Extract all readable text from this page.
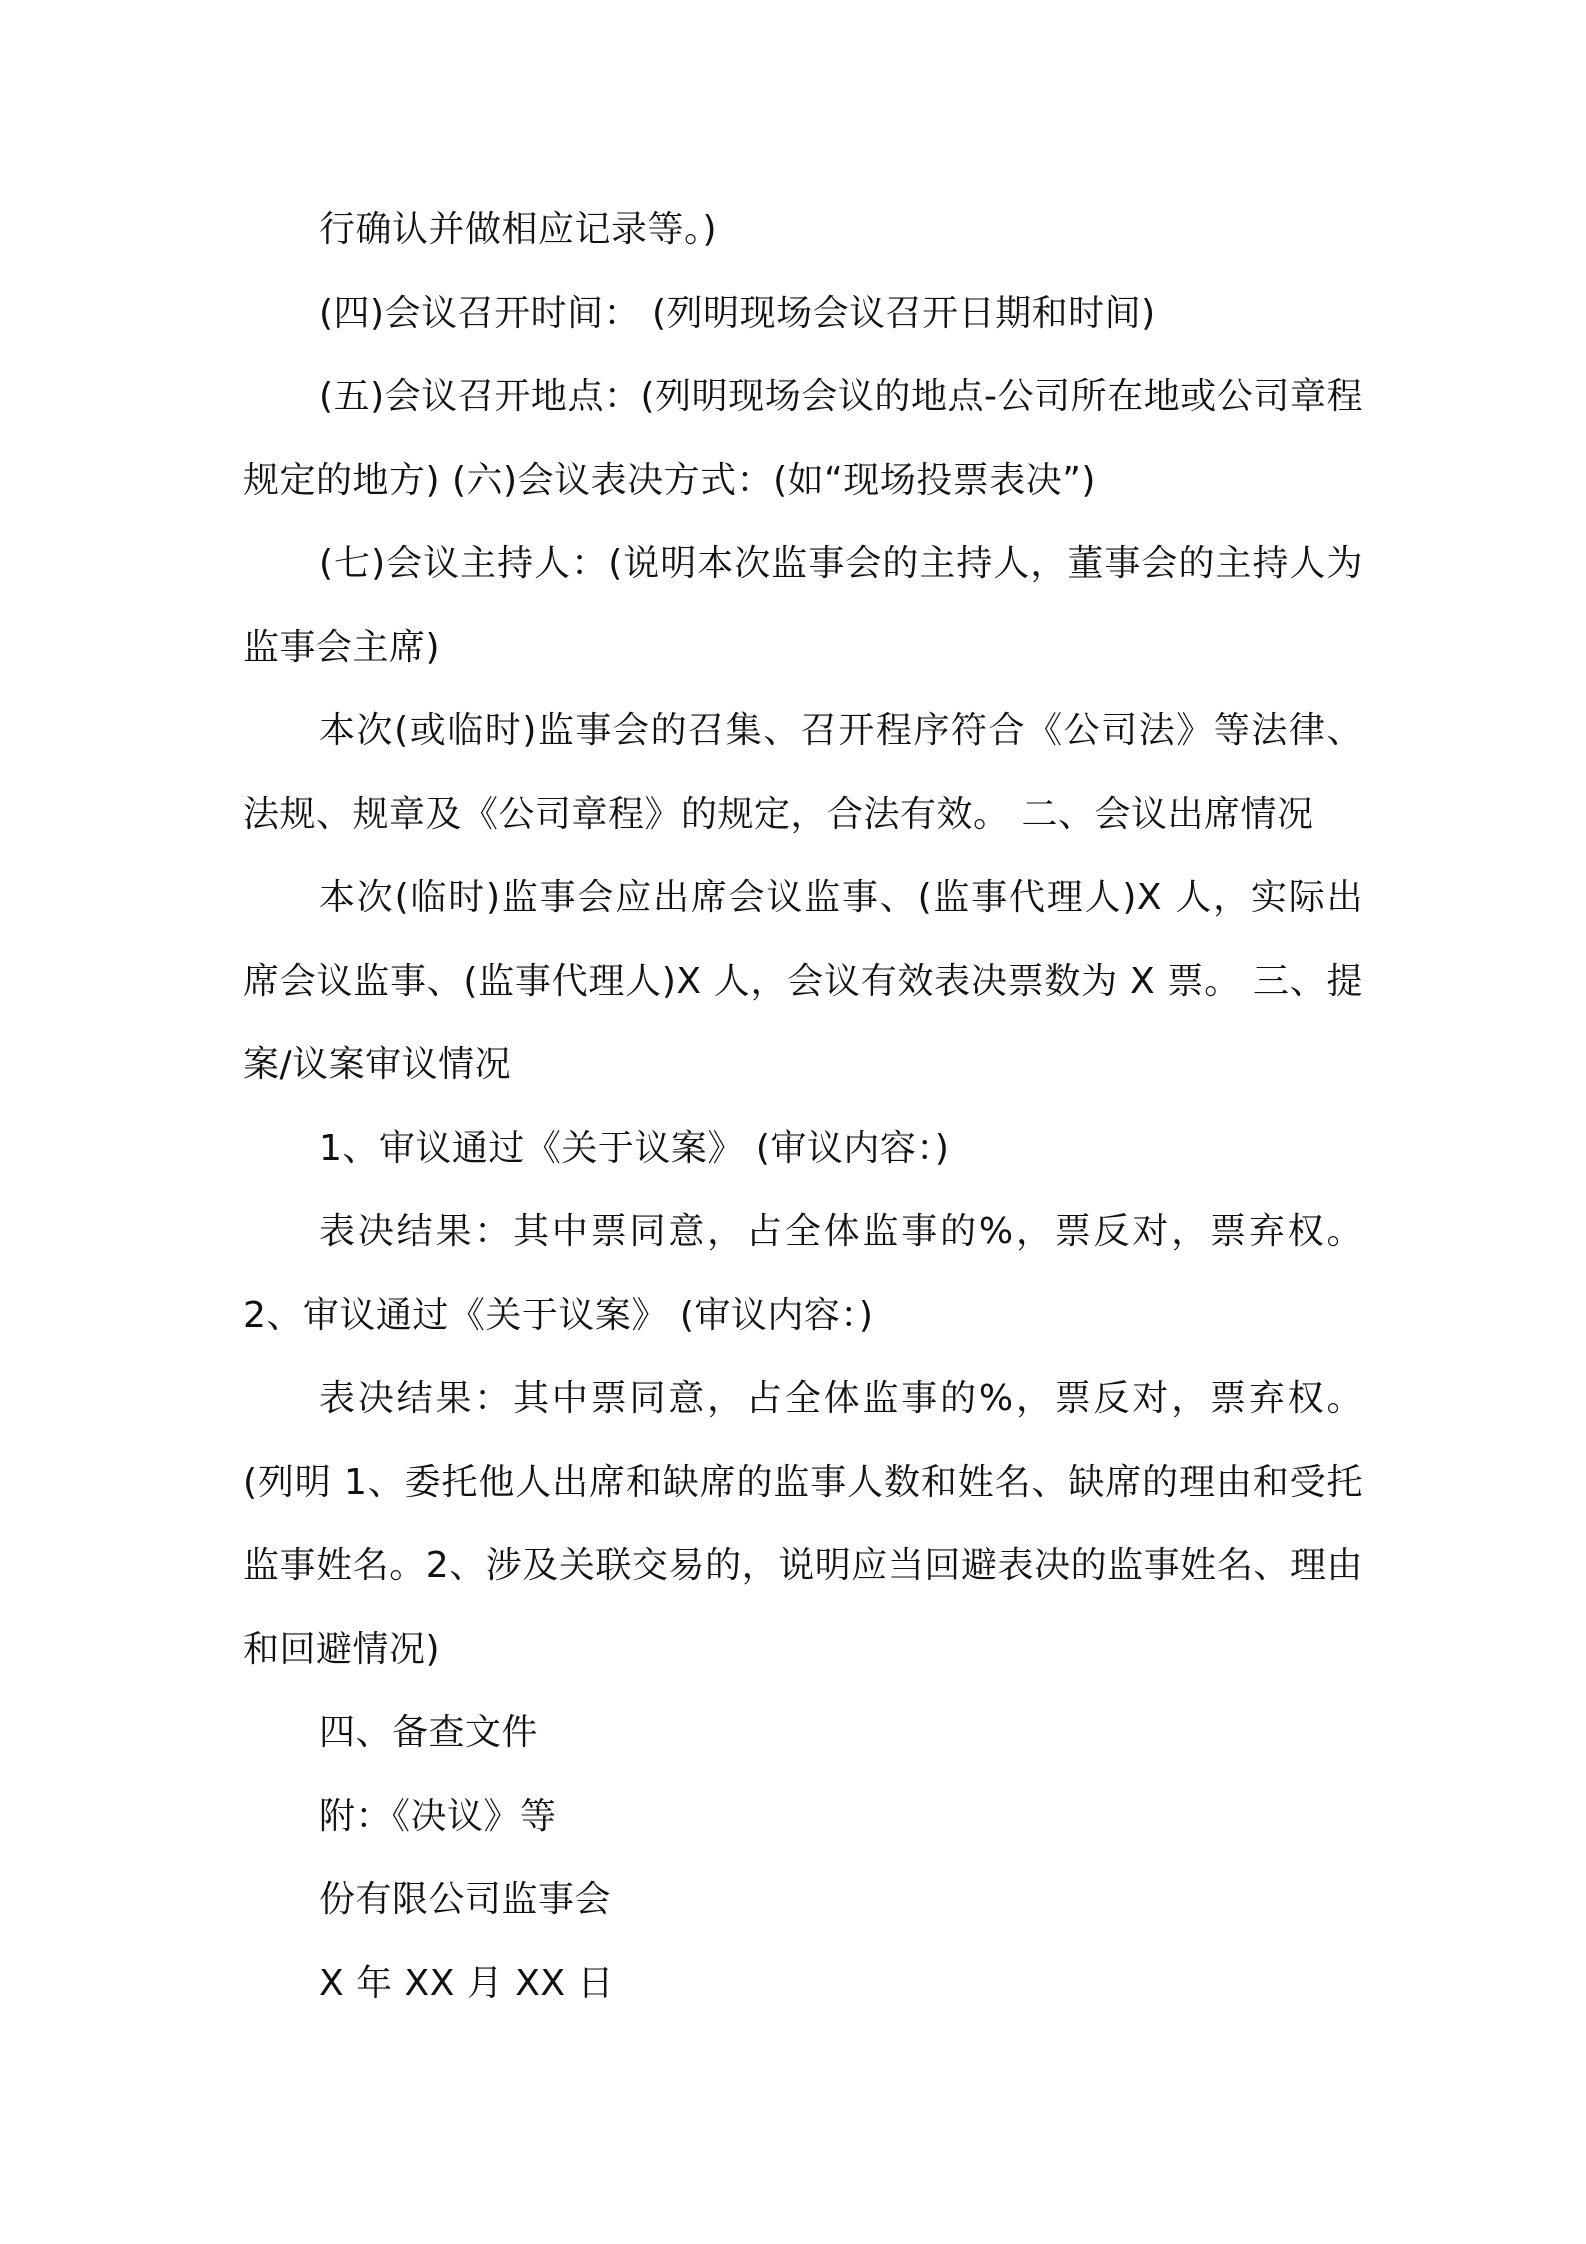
行确认并做相应记录等。)

(四)会议召开时间： (列明现场会议召开日期和时间)

(五)会议召开地点：(列明现场会议的地点-公司所在地或公司章程规定的地方) (六)会议表决方式：(如“现场投票表决”)

(七)会议主持人：(说明本次监事会的主持人，董事会的主持人为监事会主席)

本次(或临时)监事会的召集、召开程序符合《公司法》等法律、法规、规章及《公司章程》的规定，合法有效。 二、会议出席情况

本次(临时)监事会应出席会议监事、(监事代理人)X 人，实际出席会议监事、(监事代理人)X 人，会议有效表决票数为 X 票。 三、提案/议案审议情况

1、审议通过《关于议案》 (审议内容：)

表决结果：其中票同意，占全体监事的%，票反对，票弃权。 2、审议通过《关于议案》 (审议内容：)

表决结果：其中票同意，占全体监事的%，票反对，票弃权。 (列明 1、委托他人出席和缺席的监事人数和姓名、缺席的理由和受托监事姓名。2、涉及关联交易的，说明应当回避表决的监事姓名、理由和回避情况)

四、备查文件

附：《决议》等

份有限公司监事会

X 年 XX 月 XX 日
